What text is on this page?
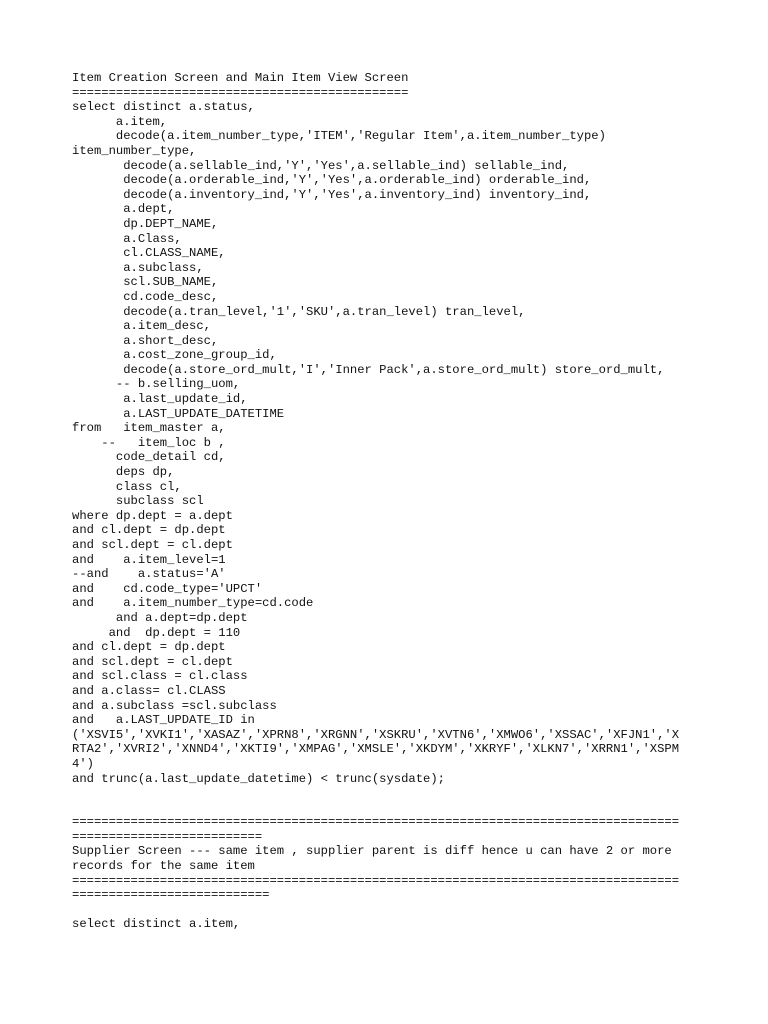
Item Creation Screen and Main Item View Screen
==============================================
select distinct a.status,
a.item,
decode(a.item_number_type,'ITEM','Regular Item',a.item_number_type)
item_number_type,
decode(a.sellable_ind,'Y','Yes',a.sellable_ind) sellable_ind,
decode(a.orderable_ind,'Y','Yes',a.orderable_ind) orderable_ind,
decode(a.inventory_ind,'Y','Yes',a.inventory_ind) inventory_ind,
a.dept,
dp.DEPT_NAME,
a.Class,
cl.CLASS_NAME,
a.subclass,
scl.SUB_NAME,
cd.code_desc,
decode(a.tran_level,'1','SKU',a.tran_level) tran_level,
a.item_desc,
a.short_desc,
a.cost_zone_group_id,
decode(a.store_ord_mult,'I','Inner Pack',a.store_ord_mult) store_ord_mult,
-- b.selling_uom,
a.last_update_id,
a.LAST_UPDATE_DATETIME
from   item_master a,
--   item_loc b ,
code_detail cd,
deps dp,
class cl,
subclass scl
where dp.dept = a.dept
and cl.dept = dp.dept
and scl.dept = cl.dept
and    a.item_level=1
--and    a.status='A'
and    cd.code_type='UPCT'
and    a.item_number_type=cd.code
and a.dept=dp.dept
and  dp.dept = 110
and cl.dept = dp.dept
and scl.dept = cl.dept
and scl.class = cl.class
and a.class= cl.CLASS
and a.subclass =scl.subclass
and   a.LAST_UPDATE_ID in
('XSVI5','XVKI1','XASAZ','XPRN8','XRGNN','XSKRU','XVTN6','XMWO6','XSSAC','XFJN1','X
RTA2','XVRI2','XNND4','XKTI9','XMPAG','XMSLE','XKDYM','XKRYF','XLKN7','XRRN1','XSPM
4')
and trunc(a.last_update_datetime) < trunc(sysdate);
===================================================================================
==========================
Supplier Screen --- same item , supplier parent is diff hence u can have 2 or more
records for the same item
===================================================================================
===========================
select distinct a.item,
